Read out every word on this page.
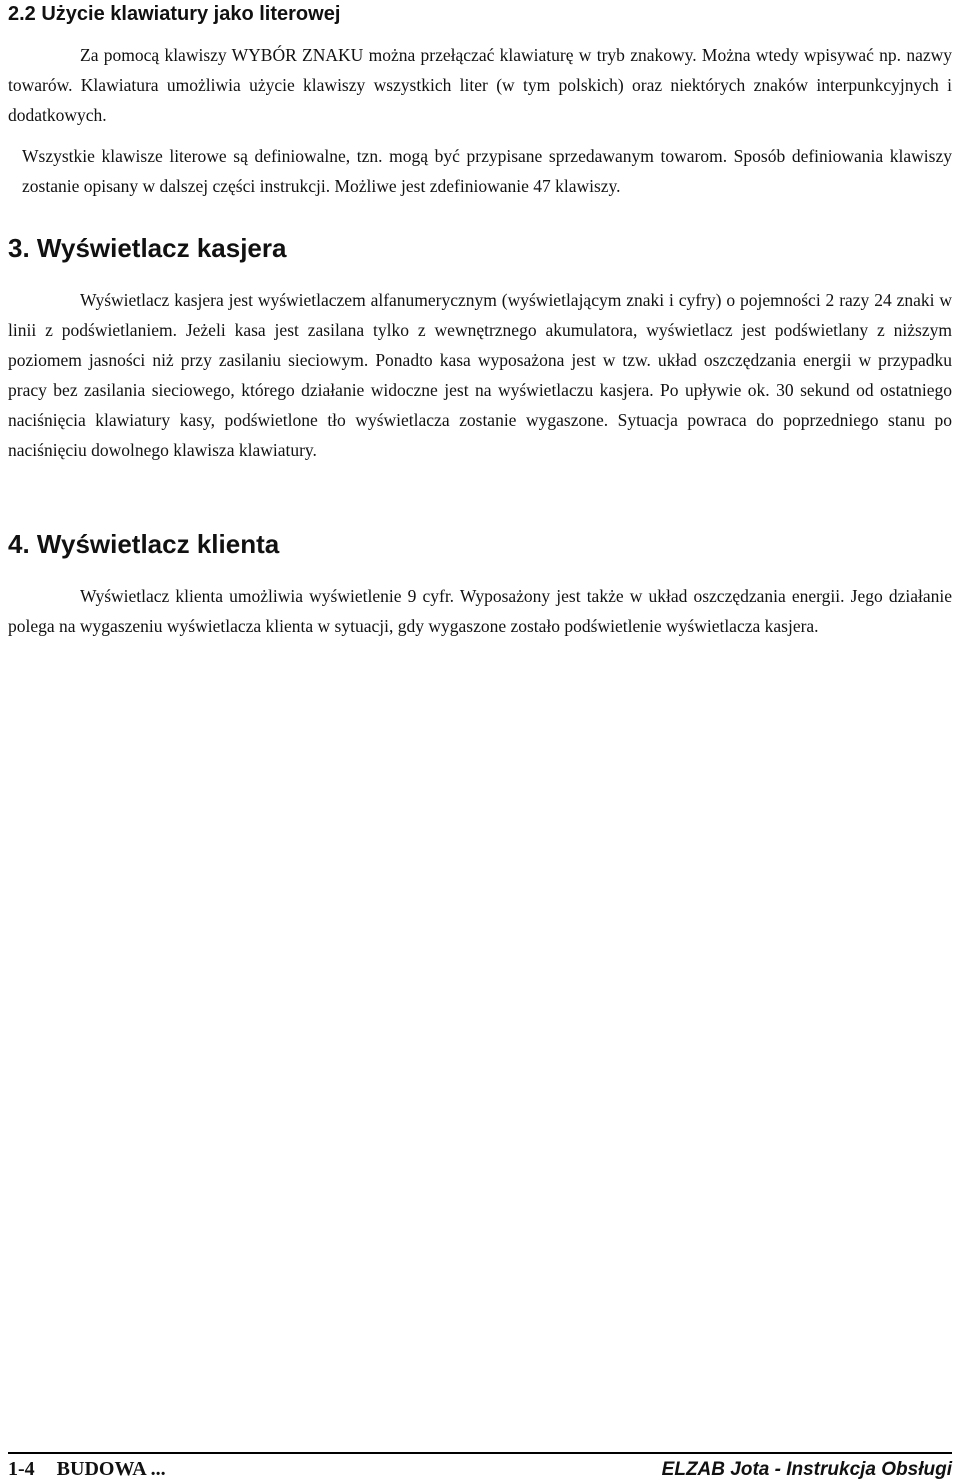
2.2 Użycie klawiatury jako literowej

Za pomocą klawiszy WYBÓR ZNAKU można przełączać klawiaturę w tryb znakowy. Można wtedy wpisywać np. nazwy towarów. Klawiatura umożliwia użycie klawiszy wszystkich liter (w tym polskich) oraz niektórych znaków interpunkcyjnych i dodatkowych.

Wszystkie klawisze literowe są definiowalne, tzn. mogą być przypisane sprzedawanym towarom. Sposób definiowania klawiszy zostanie opisany w dalszej części instrukcji. Możliwe jest zdefiniowanie 47 klawiszy.

3. Wyświetlacz kasjera

Wyświetlacz kasjera jest wyświetlaczem alfanumerycznym (wyświetlającym znaki i cyfry) o pojemności 2 razy 24 znaki w linii z podświetlaniem. Jeżeli kasa jest zasilana tylko z wewnętrznego akumulatora, wyświetlacz jest podświetlany z niższym poziomem jasności niż przy zasilaniu sieciowym. Ponadto kasa wyposażona jest w tzw. układ oszczędzania energii w przypadku pracy bez zasilania sieciowego, którego działanie widoczne jest na wyświetlaczu kasjera. Po upływie ok. 30 sekund od ostatniego naciśnięcia klawiatury kasy, podświetlone tło wyświetlacza zostanie wygaszone. Sytuacja powraca do poprzedniego stanu po naciśnięciu dowolnego klawisza klawiatury.

4. Wyświetlacz klienta

Wyświetlacz klienta umożliwia wyświetlenie 9 cyfr. Wyposażony jest także w układ oszczędzania energii. Jego działanie polega na wygaszeniu wyświetlacza klienta w sytuacji, gdy wygaszone zostało podświetlenie wyświetlacza kasjera.

1-4 BUDOWA ...	ELZAB Jota - Instrukcja Obsługi
